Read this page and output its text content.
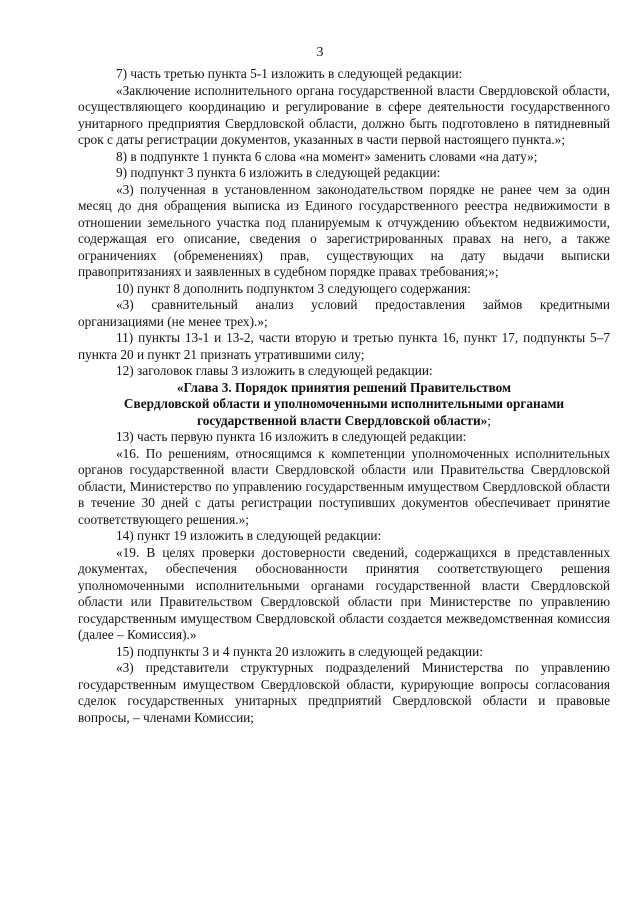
3

7) часть третью пункта 5-1 изложить в следующей редакции:

«Заключение исполнительного органа государственной власти Свердловской области, осуществляющего координацию и регулирование в сфере деятельности государственного унитарного предприятия Свердловской области, должно быть подготовлено в пятидневный срок с даты регистрации документов, указанных в части первой настоящего пункта.»;

8) в подпункте 1 пункта 6 слова «на момент» заменить словами «на дату»;

9) подпункт 3 пункта 6 изложить в следующей редакции:

«3) полученная в установленном законодательством порядке не ранее чем за один месяц до дня обращения выписка из Единого государственного реестра недвижимости в отношении земельного участка под планируемым к отчуждению объектом недвижимости, содержащая его описание, сведения о зарегистрированных правах на него, а также ограничениях (обременениях) прав, существующих на дату выдачи выписки правопритязаниях и заявленных в судебном порядке правах требования;»;

10) пункт 8 дополнить подпунктом 3 следующего содержания:

«3) сравнительный анализ условий предоставления займов кредитными организациями (не менее трех).»;

11) пункты 13-1 и 13-2, части вторую и третью пункта 16, пункт 17, подпункты 5–7 пункта 20 и пункт 21 признать утратившими силу;

12) заголовок главы 3 изложить в следующей редакции:

«Глава 3. Порядок принятия решений Правительством
Свердловской области и уполномоченными исполнительными органами
государственной власти Свердловской области»;

13) часть первую пункта 16 изложить в следующей редакции:

«16. По решениям, относящимся к компетенции уполномоченных исполнительных органов государственной власти Свердловской области или Правительства Свердловской области, Министерство по управлению государственным имуществом Свердловской области в течение 30 дней с даты регистрации поступивших документов обеспечивает принятие соответствующего решения.»;

14) пункт 19 изложить в следующей редакции:

«19. В целях проверки достоверности сведений, содержащихся в представленных документах, обеспечения обоснованности принятия соответствующего решения уполномоченными исполнительными органами государственной власти Свердловской области или Правительством Свердловской области при Министерстве по управлению государственным имуществом Свердловской области создается межведомственная комиссия (далее – Комиссия).»

15) подпункты 3 и 4 пункта 20 изложить в следующей редакции:

«3) представители структурных подразделений Министерства по управлению государственным имуществом Свердловской области, курирующие вопросы согласования сделок государственных унитарных предприятий Свердловской области и правовые вопросы, – членами Комиссии;
